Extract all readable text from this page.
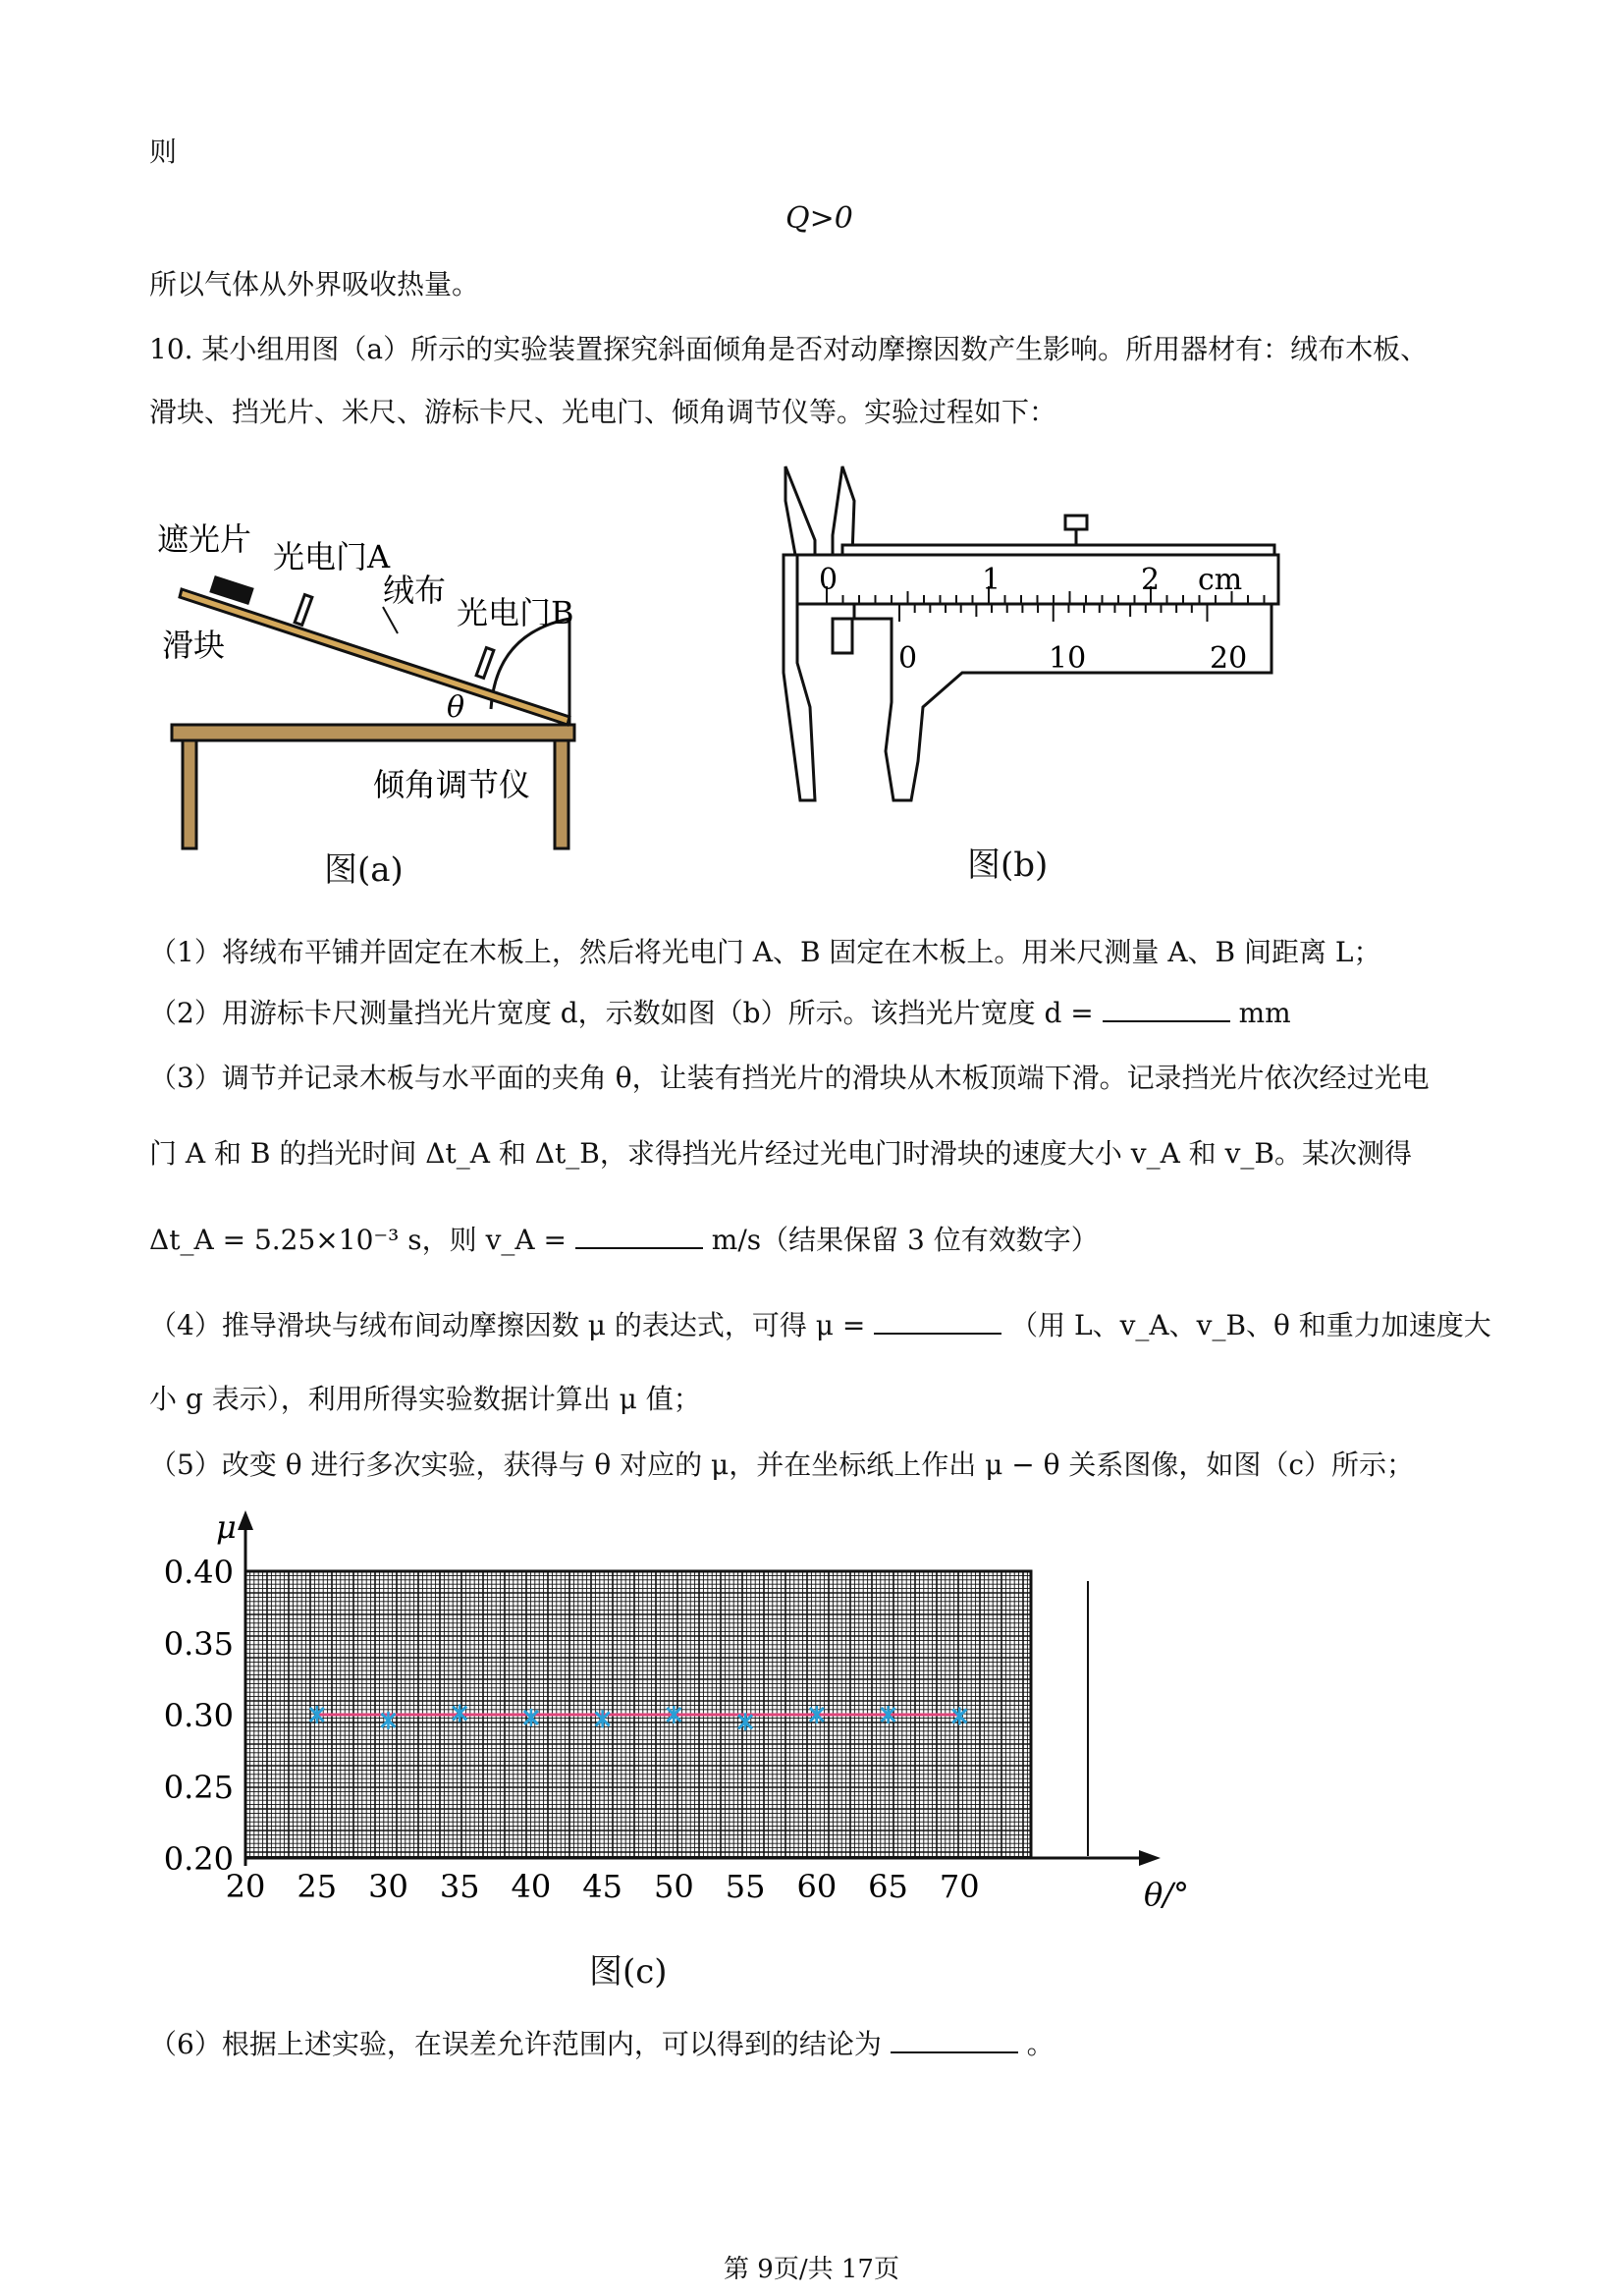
则
Q>0
所以气体从外界吸收热量。
10. 某小组用图（a）所示的实验装置探究斜面倾角是否对动摩擦因数产生影响。所用器材有：绒布木板、
滑块、挡光片、米尺、游标卡尺、光电门、倾角调节仪等。实验过程如下：
遮光片 光电门A
滑块
绒布
光电门B
θ
倾角调节仪
图(a)
0	1	2 cm
0	10	20
图(b)
（1）将绒布平铺并固定在木板上，然后将光电门 A、B 固定在木板上。用米尺测量 A、B 间距离 L；
（2）用游标卡尺测量挡光片宽度 d，示数如图（b）所示。该挡光片宽度 d =	mm
（3）调节并记录木板与水平面的夹角 θ，让装有挡光片的滑块从木板顶端下滑。记录挡光片依次经过光电
门 A 和 B 的挡光时间 Δt_A 和 Δt_B，求得挡光片经过光电门时滑块的速度大小 v_A 和 v_B。某次测得
Δt_A = 5.25×10⁻³ s，则 v_A =	m/s（结果保留 3 位有效数字）
（4）推导滑块与绒布间动摩擦因数 μ 的表达式，可得 μ =	（用 L、v_A、v_B、θ 和重力加速度大
小 g 表示），利用所得实验数据计算出 μ 值；
（5）改变 θ 进行多次实验，获得与 θ 对应的 μ，并在坐标纸上作出 μ − θ 关系图像，如图（c）所示；
0.20
0.25
0.30
0.35
0.40
20 25 30 35 40 45 50 55 60 65 70
μ
θ/°
图(c)
（6）根据上述实验，在误差允许范围内，可以得到的结论为	。
第 9页/共 17页
